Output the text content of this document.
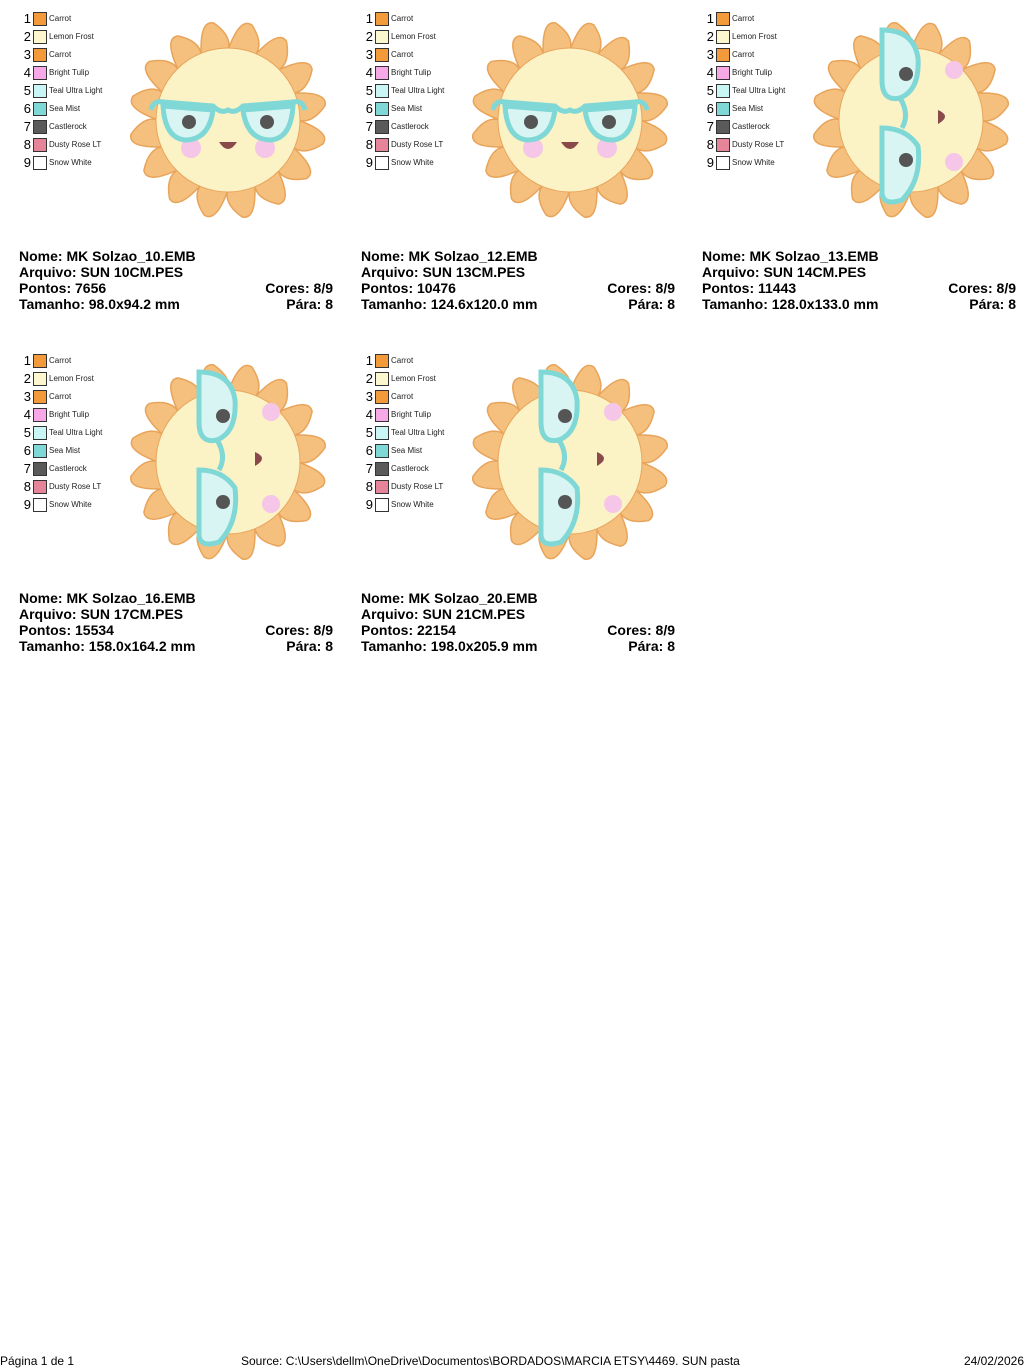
1 Carrot
2 Lemon Frost
3 Carrot
4 Bright Tulip
5 Teal Ultra Light
6 Sea Mist
7 Castlerock
8 Dusty Rose LT
9 Snow White
Nome: MK Solzao_10.EMB
Arquivo: SUN 10CM.PES
Pontos: 7656	Cores: 8/9
Tamanho: 98.0x94.2 mm	Pára: 8
1 Carrot
2 Lemon Frost
3 Carrot
4 Bright Tulip
5 Teal Ultra Light
6 Sea Mist
7 Castlerock
8 Dusty Rose LT
9 Snow White
Nome: MK Solzao_12.EMB
Arquivo: SUN 13CM.PES
Pontos: 10476	Cores: 8/9
Tamanho: 124.6x120.0 mm	Pára: 8
1 Carrot
2 Lemon Frost
3 Carrot
4 Bright Tulip
5 Teal Ultra Light
6 Sea Mist
7 Castlerock
8 Dusty Rose LT
9 Snow White
Nome: MK Solzao_13.EMB
Arquivo: SUN 14CM.PES
Pontos: 11443	Cores: 8/9
Tamanho: 128.0x133.0 mm	Pára: 8
1 Carrot
2 Lemon Frost
3 Carrot
4 Bright Tulip
5 Teal Ultra Light
6 Sea Mist
7 Castlerock
8 Dusty Rose LT
9 Snow White
Nome: MK Solzao_16.EMB
Arquivo: SUN 17CM.PES
Pontos: 15534	Cores: 8/9
Tamanho: 158.0x164.2 mm	Pára: 8
1 Carrot
2 Lemon Frost
3 Carrot
4 Bright Tulip
5 Teal Ultra Light
6 Sea Mist
7 Castlerock
8 Dusty Rose LT
9 Snow White
Nome: MK Solzao_20.EMB
Arquivo: SUN 21CM.PES
Pontos: 22154	Cores: 8/9
Tamanho: 198.0x205.9 mm	Pára: 8
Página 1 de 1	Source: C:\Users\dellm\OneDrive\Documentos\BORDADOS\MARCIA ETSY\4469. SUN pasta	24/02/2026
